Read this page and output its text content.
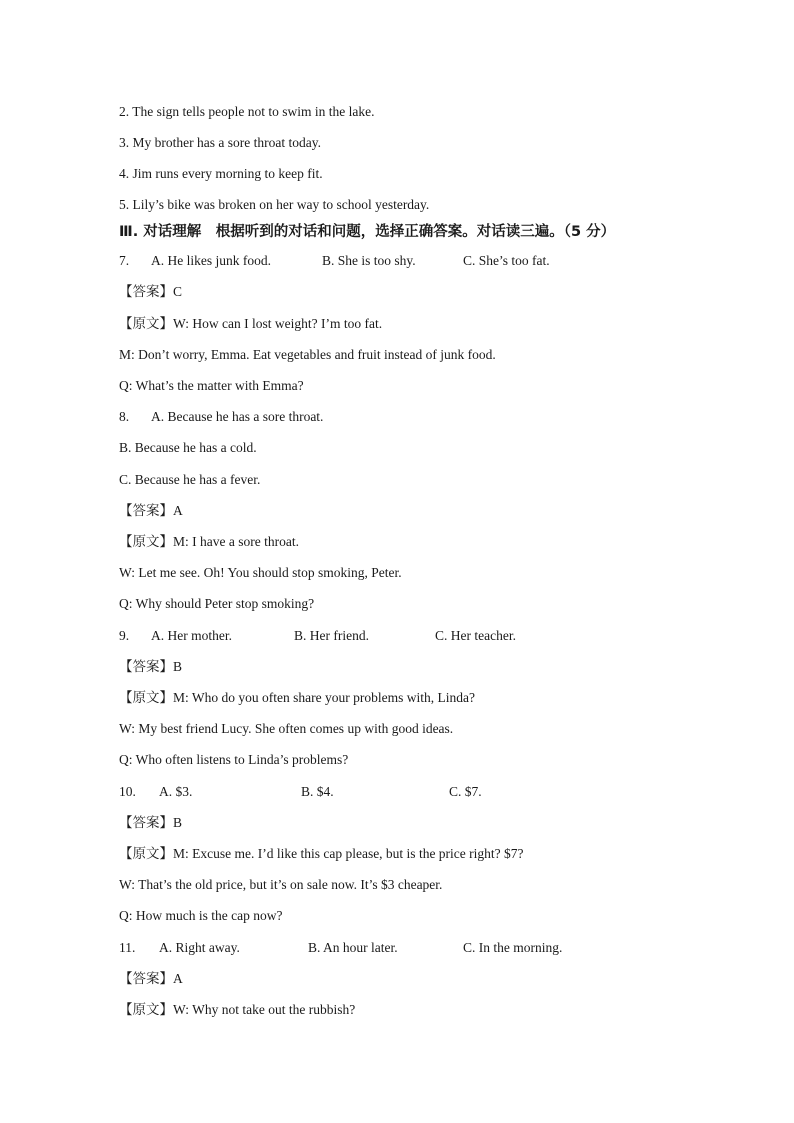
2. The sign tells people not to swim in the lake.
3. My brother has a sore throat today.
4. Jim runs every morning to keep fit.
5. Lily’s bike was broken on her way to school yesterday.
Ⅲ. 对话理解　根据听到的对话和问题，选择正确答案。对话读三遍。（5 分）
7. A. He likes junk food.	B. She is too shy.	C. She’s too fat.
【答案】C
【原文】W: How can I lost weight? I’m too fat.
M: Don’t worry, Emma. Eat vegetables and fruit instead of junk food.
Q: What’s the matter with Emma?
8. A. Because he has a sore throat.
B. Because he has a cold.
C. Because he has a fever.
【答案】A
【原文】M: I have a sore throat.
W: Let me see. Oh! You should stop smoking, Peter.
Q: Why should Peter stop smoking?
9. A. Her mother.	B. Her friend.	C. Her teacher.
【答案】B
【原文】M: Who do you often share your problems with, Linda?
W: My best friend Lucy. She often comes up with good ideas.
Q: Who often listens to Linda’s problems?
10. A. $3.	B. $4.	C. $7.
【答案】B
【原文】M: Excuse me. I’d like this cap please, but is the price right? $7?
W: That’s the old price, but it’s on sale now. It’s $3 cheaper.
Q: How much is the cap now?
11. A. Right away.	B. An hour later.	C. In the morning.
【答案】A
【原文】W: Why not take out the rubbish?
